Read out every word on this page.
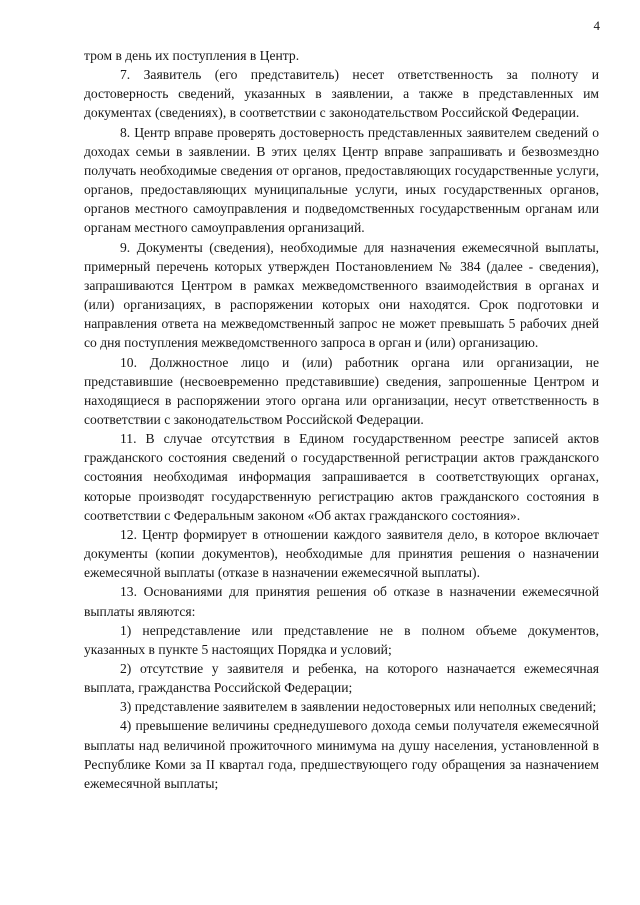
4

тром в день их поступления в Центр.

7. Заявитель (его представитель) несет ответственность за полноту и достоверность сведений, указанных в заявлении, а также в представленных им документах (сведениях), в соответствии с законодательством Российской Федерации.

8. Центр вправе проверять достоверность представленных заявителем сведений о доходах семьи в заявлении. В этих целях Центр вправе запрашивать и безвозмездно получать необходимые сведения от органов, предоставляющих государственные услуги, органов, предоставляющих муниципальные услуги, иных государственных органов, органов местного самоуправления и подведомственных государственным органам или органам местного самоуправления организаций.

9. Документы (сведения), необходимые для назначения ежемесячной выплаты, примерный перечень которых утвержден Постановлением № 384 (далее - сведения), запрашиваются Центром в рамках межведомственного взаимодействия в органах и (или) организациях, в распоряжении которых они находятся. Срок подготовки и направления ответа на межведомственный запрос не может превышать 5 рабочих дней со дня поступления межведомственного запроса в орган и (или) организацию.

10. Должностное лицо и (или) работник органа или организации, не представившие (несвоевременно представившие) сведения, запрошенные Центром и находящиеся в распоряжении этого органа или организации, несут ответственность в соответствии с законодательством Российской Федерации.

11. В случае отсутствия в Едином государственном реестре записей актов гражданского состояния сведений о государственной регистрации актов гражданского состояния необходимая информация запрашивается в соответствующих органах, которые производят государственную регистрацию актов гражданского состояния в соответствии с Федеральным законом «Об актах гражданского состояния».

12. Центр формирует в отношении каждого заявителя дело, в которое включает документы (копии документов), необходимые для принятия решения о назначении ежемесячной выплаты (отказе в назначении ежемесячной выплаты).

13. Основаниями для принятия решения об отказе в назначении ежемесячной выплаты являются:

1) непредставление или представление не в полном объеме документов, указанных в пункте 5 настоящих Порядка и условий;

2) отсутствие у заявителя и ребенка, на которого назначается ежемесячная выплата, гражданства Российской Федерации;

3) представление заявителем в заявлении недостоверных или неполных сведений;

4) превышение величины среднедушевого дохода семьи получателя ежемесячной выплаты над величиной прожиточного минимума на душу населения, установленной в Республике Коми за II квартал года, предшествующего году обращения за назначением ежемесячной выплаты;
